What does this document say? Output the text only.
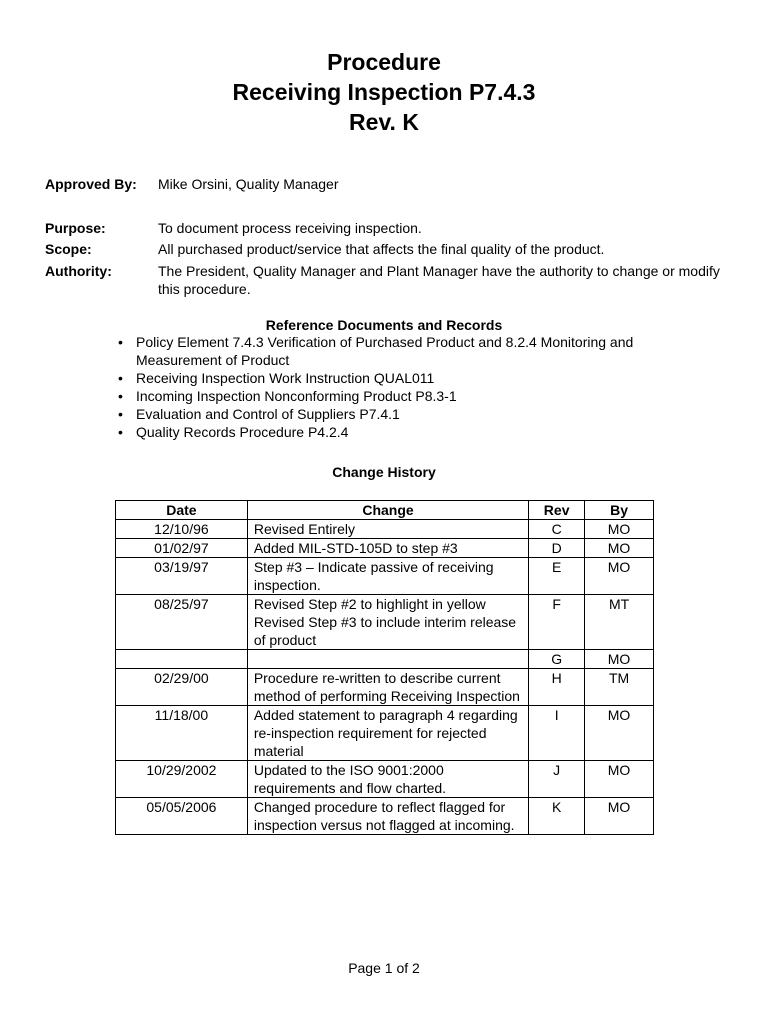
Procedure
Receiving Inspection P7.4.3
Rev. K
Approved By: Mike Orsini, Quality Manager
Purpose:	To document process receiving inspection.
Scope:	All purchased product/service that affects the final quality of the product.
Authority:	The President, Quality Manager and Plant Manager have the authority to change or modify this procedure.
Reference Documents and Records
• Policy Element 7.4.3 Verification of Purchased Product and 8.2.4 Monitoring and Measurement of Product
• Receiving Inspection Work Instruction QUAL011
• Incoming Inspection Nonconforming Product P8.3-1
• Evaluation and Control of Suppliers P7.4.1
• Quality Records Procedure P4.2.4
Change History
Date	Change	Rev	By
12/10/96	Revised Entirely	C	MO
01/02/97	Added MIL-STD-105D to step #3	D	MO
03/19/97	Step #3 – Indicate passive of receiving inspection.	E	MO
08/25/97	Revised Step #2 to highlight in yellow Revised Step #3 to include interim release of product	F	MT
		G	MO
02/29/00	Procedure re-written to describe current method of performing Receiving Inspection	H	TM
11/18/00	Added statement to paragraph 4 regarding re-inspection requirement for rejected material	I	MO
10/29/2002	Updated to the ISO 9001:2000 requirements and flow charted.	J	MO
05/05/2006	Changed procedure to reflect flagged for inspection versus not flagged at incoming.	K	MO
Page 1 of 2
